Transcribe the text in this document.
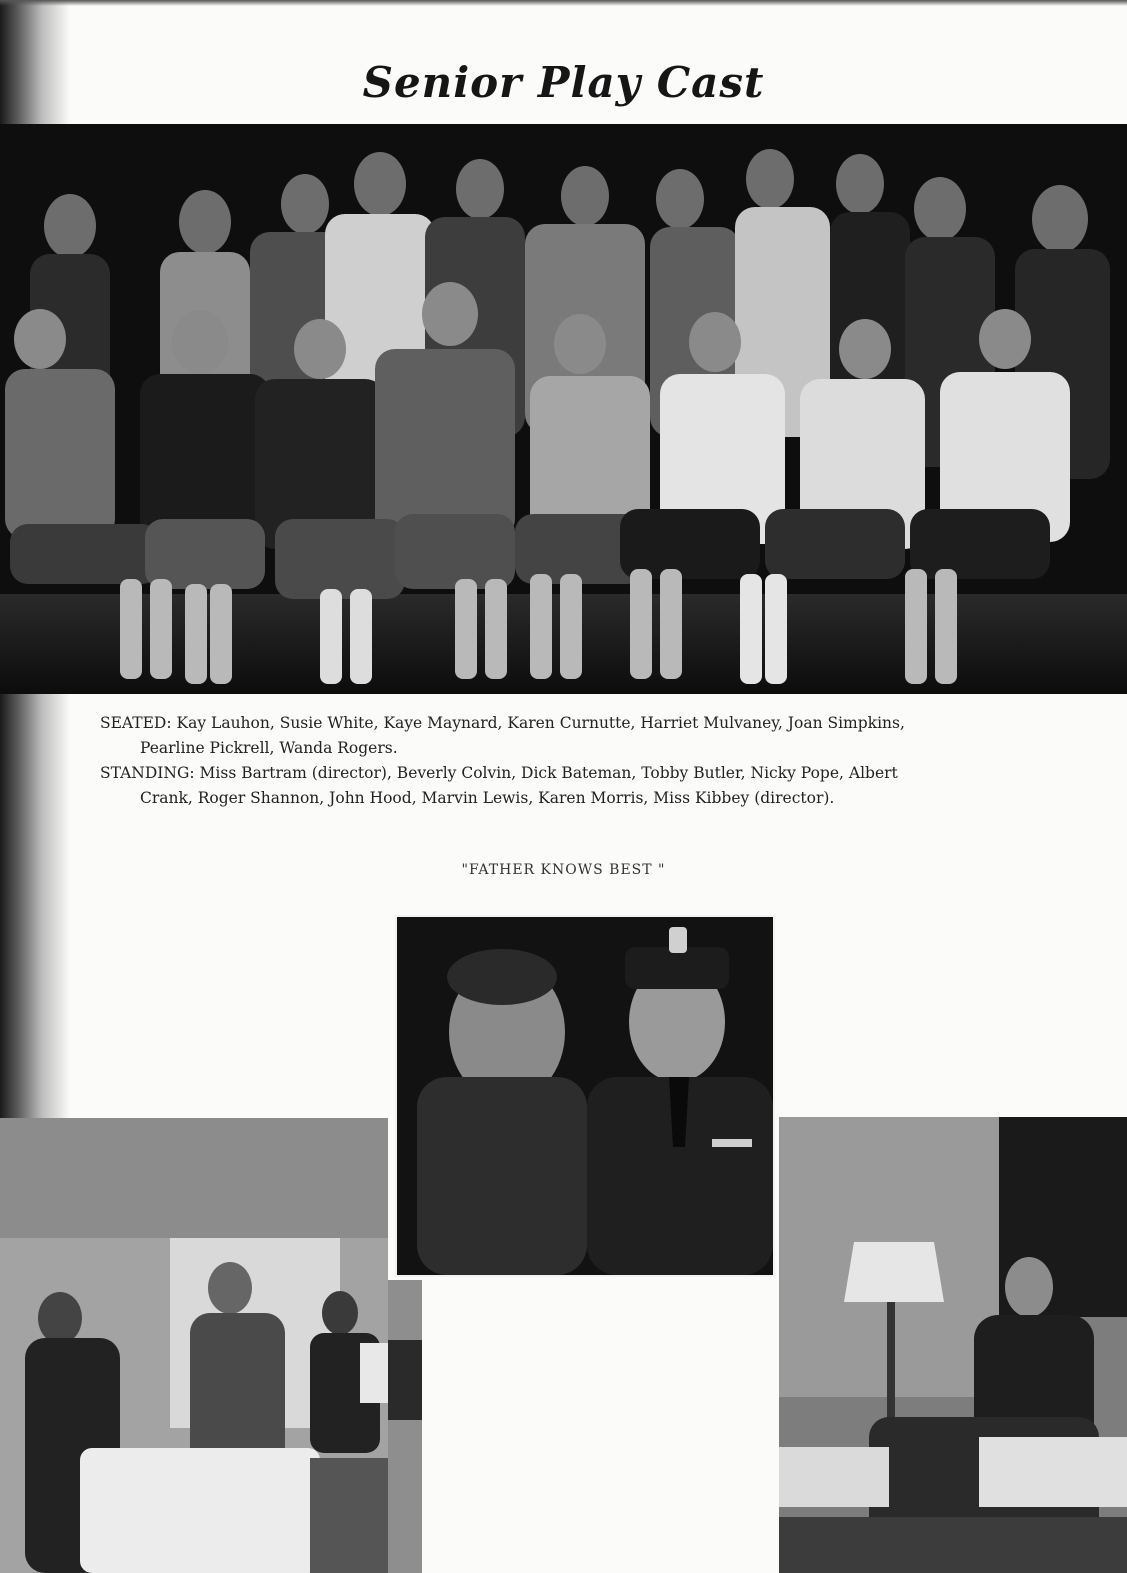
Senior Play Cast
SEATED: Kay Lauhon, Susie White, Kaye Maynard, Karen Curnutte, Harriet Mulvaney, Joan Simpkins,
Pearline Pickrell, Wanda Rogers.
STANDING: Miss Bartram (director), Beverly Colvin, Dick Bateman, Tobby Butler, Nicky Pope, Albert
Crank, Roger Shannon, John Hood, Marvin Lewis, Karen Morris, Miss Kibbey (director).
"FATHER KNOWS BEST "
